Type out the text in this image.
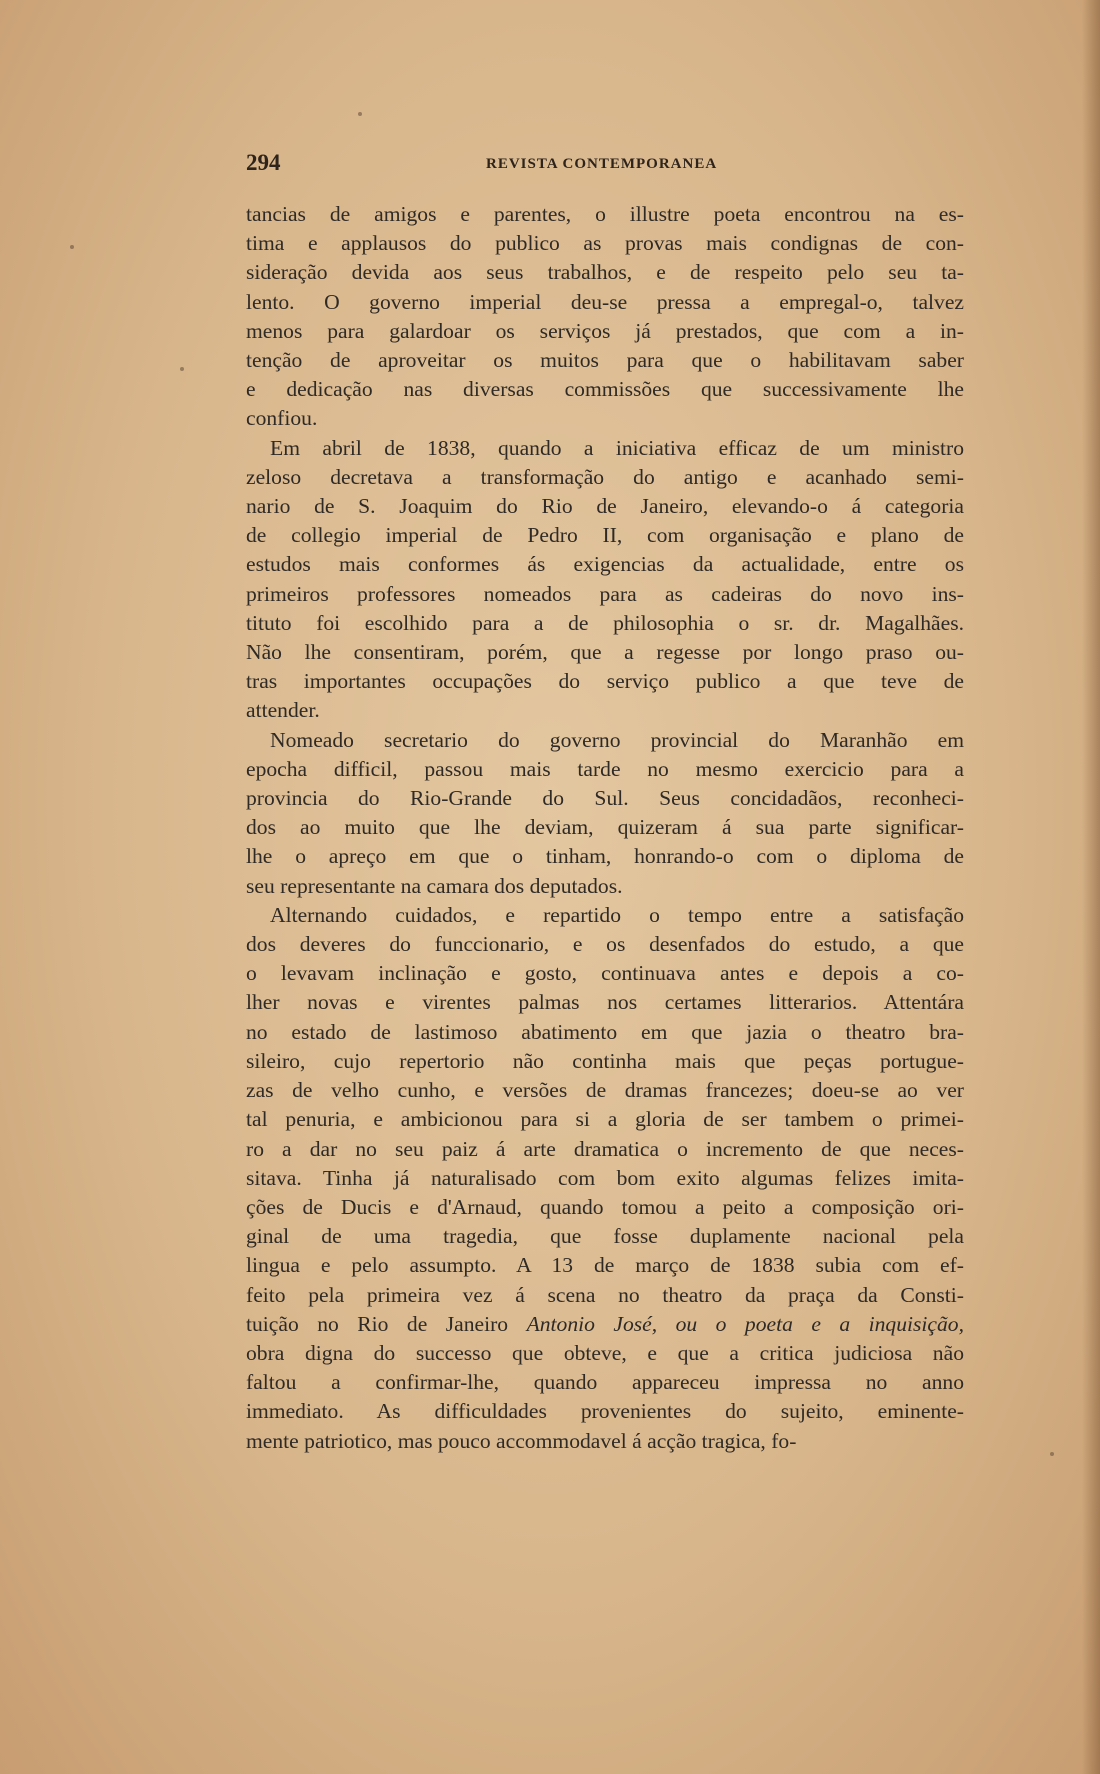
294	REVISTA CONTEMPORANEA
tancias de amigos e parentes, o illustre poeta encontrou na es-
tima e applausos do publico as provas mais condignas de con-
sideração devida aos seus trabalhos, e de respeito pelo seu ta-
lento. O governo imperial deu-se pressa a empregal-o, talvez
menos para galardoar os serviços já prestados, que com a in-
tenção de aproveitar os muitos para que o habilitavam saber
e dedicação nas diversas commissões que successivamente lhe
confiou.
Em abril de 1838, quando a iniciativa efficaz de um ministro
zeloso decretava a transformação do antigo e acanhado semi-
nario de S. Joaquim do Rio de Janeiro, elevando-o á categoria
de collegio imperial de Pedro II, com organisação e plano de
estudos mais conformes ás exigencias da actualidade, entre os
primeiros professores nomeados para as cadeiras do novo ins-
tituto foi escolhido para a de philosophia o sr. dr. Magalhães.
Não lhe consentiram, porém, que a regesse por longo praso ou-
tras importantes occupações do serviço publico a que teve de
attender.
Nomeado secretario do governo provincial do Maranhão em
epocha difficil, passou mais tarde no mesmo exercicio para a
provincia do Rio-Grande do Sul. Seus concidadãos, reconheci-
dos ao muito que lhe deviam, quizeram á sua parte significar-
lhe o apreço em que o tinham, honrando-o com o diploma de
seu representante na camara dos deputados.
Alternando cuidados, e repartido o tempo entre a satisfação
dos deveres do funccionario, e os desenfados do estudo, a que
o levavam inclinação e gosto, continuava antes e depois a co-
lher novas e virentes palmas nos certames litterarios. Attentára
no estado de lastimoso abatimento em que jazia o theatro bra-
sileiro, cujo repertorio não continha mais que peças portugue-
zas de velho cunho, e versões de dramas francezes; doeu-se ao ver
tal penuria, e ambicionou para si a gloria de ser tambem o primei-
ro a dar no seu paiz á arte dramatica o incremento de que neces-
sitava. Tinha já naturalisado com bom exito algumas felizes imita-
ções de Ducis e d'Arnaud, quando tomou a peito a composição ori-
ginal de uma tragedia, que fosse duplamente nacional pela
lingua e pelo assumpto. A 13 de março de 1838 subia com ef-
feito pela primeira vez á scena no theatro da praça da Consti-
tuição no Rio de Janeiro Antonio José, ou o poeta e a inquisição,
obra digna do successo que obteve, e que a critica judiciosa não
faltou a confirmar-lhe, quando appareceu impressa no anno
immediato. As difficuldades provenientes do sujeito, eminente-
mente patriotico, mas pouco accommodavel á acção tragica, fo-
